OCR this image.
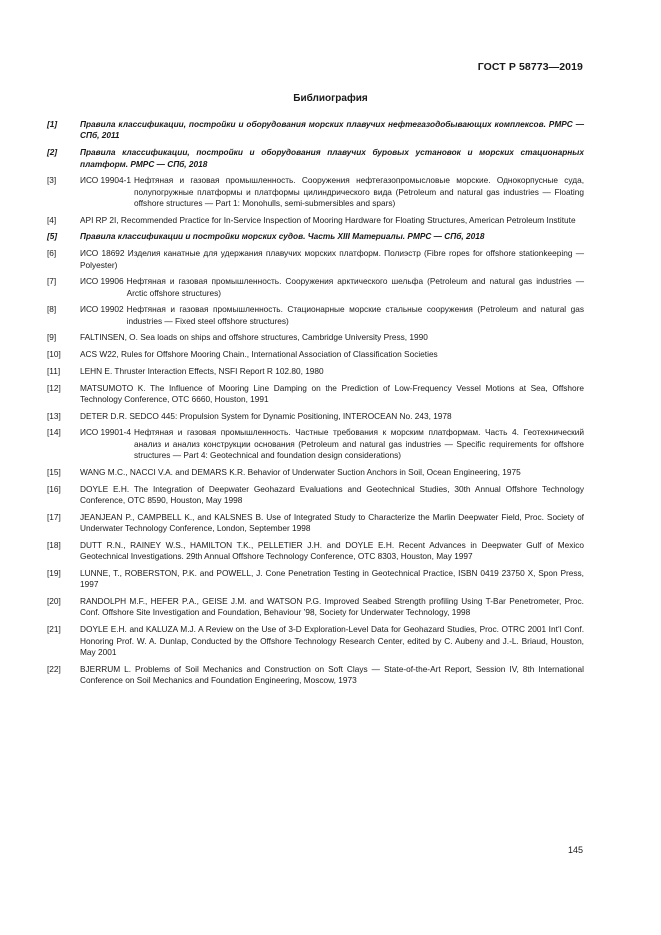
ГОСТ Р 58773—2019
Библиография
[1]	Правила классификации, постройки и оборудования морских плавучих нефтегазодобывающих комплексов. РМРС — СПб, 2011
[2]	Правила классификации, постройки и оборудования плавучих буровых установок и морских стационарных платформ. РМРС — СПб, 2018
[3]	ИСО 19904-1 Нефтяная и газовая промышленность. Сооружения нефтегазопромысловые морские. Однокорпусные суда, полупогружные платформы и платформы цилиндрического вида (Petroleum and natural gas industries — Floating offshore structures — Part 1: Monohulls, semi-submersibles and spars)
[4]	API RP 2I, Recommended Practice for In-Service Inspection of Mooring Hardware for Floating Structures, American Petroleum Institute
[5]	Правила классификации и постройки морских судов. Часть XIII Материалы. РМРС — СПб, 2018
[6]	ИСО 18692 Изделия канатные для удержания плавучих морских платформ. Полиэстр (Fibre ropes for offshore stationkeeping — Polyester)
[7]	ИСО 19906 Нефтяная и газовая промышленность. Сооружения арктического шельфа (Petroleum and natural gas industries — Arctic offshore structures)
[8]	ИСО 19902 Нефтяная и газовая промышленность. Стационарные морские стальные сооружения (Petroleum and natural gas industries — Fixed steel offshore structures)
[9]	FALTINSEN, O. Sea loads on ships and offshore structures, Cambridge University Press, 1990
[10]	ACS W22, Rules for Offshore Mooring Chain., International Association of Classification Societies
[11]	LEHN E. Thruster Interaction Effects, NSFI Report R 102.80, 1980
[12]	MATSUMOTO K. The Influence of Mooring Line Damping on the Prediction of Low-Frequency Vessel Motions at Sea, Offshore Technology Conference, OTC 6660, Houston, 1991
[13]	DETER D.R. SEDCO 445: Propulsion System for Dynamic Positioning, INTEROCEAN No. 243, 1978
[14]	ИСО 19901-4 Нефтяная и газовая промышленность. Частные требования к морским платформам. Часть 4. Геотехнический анализ и анализ конструкции основания (Petroleum and natural gas industries — Specific requirements for offshore structures — Part 4: Geotechnical and foundation design considerations)
[15]	WANG M.C., NACCI V.A. and DEMARS K.R. Behavior of Underwater Suction Anchors in Soil, Ocean Engineering, 1975
[16]	DOYLE E.H. The Integration of Deepwater Geohazard Evaluations and Geotechnical Studies, 30th Annual Offshore Technology Conference, OTC 8590, Houston, May 1998
[17]	JEANJEAN P., CAMPBELL K., and KALSNES B. Use of Integrated Study to Characterize the Marlin Deepwater Field, Proc. Society of Underwater Technology Conference, London, September 1998
[18]	DUTT R.N., RAINEY W.S., HAMILTON T.K., PELLETIER J.H. and DOYLE E.H. Recent Advances in Deepwater Gulf of Mexico Geotechnical Investigations. 29th Annual Offshore Technology Conference, OTC 8303, Houston, May 1997
[19]	LUNNE, T., ROBERSTON, P.K. and POWELL, J. Cone Penetration Testing in Geotechnical Practice, ISBN 0419 23750 X, Spon Press, 1997
[20]	RANDOLPH M.F., HEFER P.A., GEISE J.M. and WATSON P.G. Improved Seabed Strength profiling Using T-Bar Penetrometer, Proc. Conf. Offshore Site Investigation and Foundation, Behaviour ’98, Society for Underwater Technology, 1998
[21]	DOYLE E.H. and KALUZA M.J. A Review on the Use of 3-D Exploration-Level Data for Geohazard Studies, Proc. OTRC 2001 Int’l Conf. Honoring Prof. W. A. Dunlap, Conducted by the Offshore Technology Research Center, edited by C. Aubeny and J.-L. Briaud, Houston, May 2001
[22]	BJERRUM L. Problems of Soil Mechanics and Construction on Soft Clays — State-of-the-Art Report, Session IV, 8th International Conference on Soil Mechanics and Foundation Engineering, Moscow, 1973
145
